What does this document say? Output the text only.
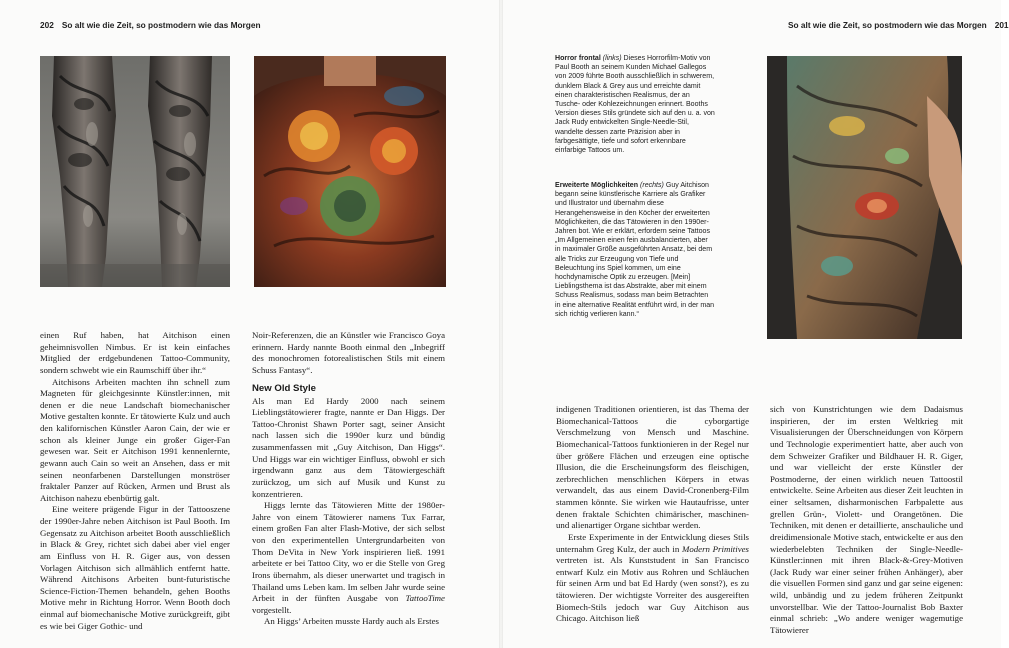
202 So alt wie die Zeit, so postmodern wie das Morgen	So alt wie die Zeit, so postmodern wie das Morgen 201
Horror frontal (links) Dieses Horrorfilm-Motiv von Paul Booth an seinem Kunden Michael Gallegos von 2009 führte Booth ausschließlich in schwerem, dunklem Black & Grey aus und erreichte damit einen charakteristischen Realismus, der an Tusche- oder Kohlezeichnungen erinnert. Booths Version dieses Stils gründete sich auf den u. a. von Jack Rudy entwickelten Single-Needle-Stil, wandelte dessen zarte Präzision aber in farbgesättigte, tiefe und sofort erkennbare einfarbige Tattoos um.
Erweiterte Möglichkeiten (rechts) Guy Aitchison begann seine künstlerische Karriere als Grafiker und Illustrator und übernahm diese Herangehensweise in den Köcher der erweiterten Möglichkeiten, die das Tätowieren in den 1990er-Jahren bot. Wie er erklärt, erfordern seine Tattoos „Im Allgemeinen einen fein ausbalancierten, aber in maximaler Größe ausgeführten Ansatz, bei dem alle Tricks zur Erzeugung von Tiefe und Beleuchtung ins Spiel kommen, um eine hochdynamische Optik zu erzeugen. [Mein] Lieblingsthema ist das Abstrakte, aber mit einem Schuss Realismus, sodass man beim Betrachten in eine alternative Realität entführt wird, in der man sich richtig verlieren kann.“

einen Ruf haben, hat Aitchison einen geheimnisvollen Nimbus. Er ist kein einfaches Mitglied der erdgebundenen Tattoo-Community, sondern schwebt wie ein Raumschiff über ihr.“

Aitchisons Arbeiten machten ihn schnell zum Magneten für gleichgesinnte Künstler:innen, mit denen er die neue Landschaft biomechanischer Motive gestalten konnte. Er tätowierte Kulz und auch den kalifornischen Künstler Aaron Cain, der wie er schon als kleiner Junge ein großer Giger-Fan gewesen war. Seit er Aitchison 1991 kennenlernte, gewann auch Cain so weit an Ansehen, dass er mit seinen neonfarbenen Darstellungen monströser fraktaler Panzer auf Rücken, Armen und Brust als Aitchison nahezu ebenbürtig galt.

Eine weitere prägende Figur in der Tattooszene der 1990er-Jahre neben Aitchison ist Paul Booth. Im Gegensatz zu Aitchison arbeitet Booth ausschließlich in Black & Grey, richtet sich dabei aber viel enger am Einfluss von H. R. Giger aus, von dessen Vorlagen Aitchison sich allmählich entfernt hatte. Während Aitchisons Arbeiten bunt-futuristische Science-Fiction-Themen behandeln, gehen Booths Motive mehr in Richtung Horror. Wenn Booth doch einmal auf biomechanische Motive zurückgreift, gibt es wie bei Giger Gothic- und

Noir-Referenzen, die an Künstler wie Francisco Goya erinnern. Hardy nannte Booth einmal den „Inbegriff des monochromen fotorealistischen Stils mit einem Schuss Fantasy“.

New Old Style

Als man Ed Hardy 2000 nach seinem Lieblingstätowierer fragte, nannte er Dan Higgs. Der Tattoo-Chronist Shawn Porter sagt, seiner Ansicht nach lassen sich die 1990er kurz und bündig zusammenfassen mit „Guy Aitchison, Dan Higgs“. Und Higgs war ein wichtiger Einfluss, obwohl er sich irgendwann ganz aus dem Tätowiergeschäft zurückzog, um sich auf Musik und Kunst zu konzentrieren.

Higgs lernte das Tätowieren Mitte der 1980er-Jahre von einem Tätowierer namens Tux Farrar, einem großen Fan alter Flash-Motive, der sich selbst von den experimentellen Untergrundarbeiten von Thom DeVita in New York inspirieren ließ. 1991 arbeitete er bei Tattoo City, wo er die Stelle von Greg Irons übernahm, als dieser unerwartet und tragisch in Thailand ums Leben kam. Im selben Jahr wurde seine Arbeit in der fünften Ausgabe von TattooTime vorgestellt.

An Higgs’ Arbeiten musste Hardy auch als Erstes

indigenen Traditionen orientieren, ist das Thema der Biomechanical-Tattoos die cyborgartige Verschmelzung von Mensch und Maschine. Biomechanical-Tattoos funktionieren in der Regel nur über größere Flächen und erzeugen eine optische Illusion, die die Erscheinungsform des fleischigen, zerbrechlichen menschlichen Körpers in etwas verwandelt, das aus einem David-Cronenberg-Film stammen könnte. Sie wirken wie Hautaufrisse, unter denen fraktale Schichten chimärischer, maschinen- und alienartiger Organe sichtbar werden.

Erste Experimente in der Entwicklung dieses Stils unternahm Greg Kulz, der auch in Modern Primitives vertreten ist. Als Kunststudent in San Francisco entwarf Kulz ein Motiv aus Rohren und Schläuchen für seinen Arm und bat Ed Hardy (wen sonst?), es zu tätowieren. Der wichtigste Vorreiter des ausgereiften Biomech-Stils jedoch war Guy Aitchison aus Chicago. Aitchison ließ

sich von Kunstrichtungen wie dem Dadaismus inspirieren, der im ersten Weltkrieg mit Visualisierungen der Überschneidungen von Körpern und Technologie experimentiert hatte, aber auch von dem Schweizer Grafiker und Bildhauer H. R. Giger, und war vielleicht der erste Künstler der Postmoderne, der einen wirklich neuen Tattoostil entwickelte. Seine Arbeiten aus dieser Zeit leuchten in einer seltsamen, disharmonischen Farbpalette aus grellen Grün-, Violett- und Orangetönen. Die Techniken, mit denen er detaillierte, anschauliche und dreidimensionale Motive stach, entwickelte er aus den wiederbelebten Techniken der Single-Needle-Künstler:innen mit ihren Black-&-Grey-Motiven (Jack Rudy war einer seiner frühen Anhänger), aber die visuellen Formen sind ganz und gar seine eigenen: wild, unbändig und zu jedem früheren Zeitpunkt unvorstellbar. Wie der Tattoo-Journalist Bob Baxter einmal schrieb: „Wo andere weniger wagemutige Tätowierer
